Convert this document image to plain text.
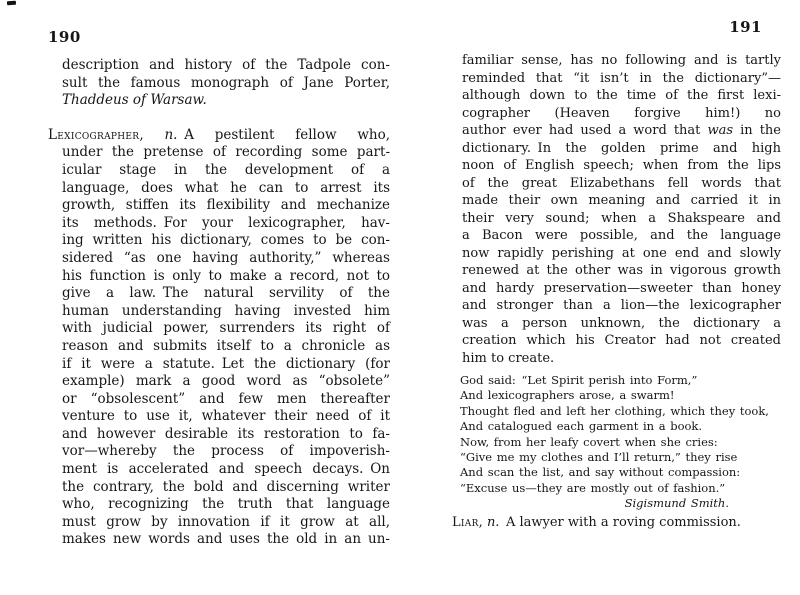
190
description and history of the Tadpole con-
sult the famous monograph of Jane Porter,
Thaddeus of Warsaw.
Lexicographer, n. A pestilent fellow who,
under the pretense of recording some part-
icular stage in the development of a
language, does what he can to arrest its
growth, stiffen its flexibility and mechanize
its methods. For your lexicographer, hav-
ing written his dictionary, comes to be con-
sidered “as one having authority,” whereas
his function is only to make a record, not to
give a law. The natural servility of the
human understanding having invested him
with judicial power, surrenders its right of
reason and submits itself to a chronicle as
if it were a statute. Let the dictionary (for
example) mark a good word as “obsolete”
or “obsolescent” and few men thereafter
venture to use it, whatever their need of it
and however desirable its restoration to fa-
vor—whereby the process of impoverish-
ment is accelerated and speech decays. On
the contrary, the bold and discerning writer
who, recognizing the truth that language
must grow by innovation if it grow at all,
makes new words and uses the old in an un-
191
familiar sense, has no following and is tartly
reminded that “it isn’t in the dictionary”—
although down to the time of the first lexi-
cographer (Heaven forgive him!) no
author ever had used a word that was in the
dictionary. In the golden prime and high
noon of English speech; when from the lips
of the great Elizabethans fell words that
made their own meaning and carried it in
their very sound; when a Shakspeare and
a Bacon were possible, and the language
now rapidly perishing at one end and slowly
renewed at the other was in vigorous growth
and hardy preservation—sweeter than honey
and stronger than a lion—the lexicographer
was a person unknown, the dictionary a
creation which his Creator had not created
him to create.
God said: “Let Spirit perish into Form,”
And lexicographers arose, a swarm!
Thought fled and left her clothing, which they took,
And catalogued each garment in a book.
Now, from her leafy covert when she cries:
“Give me my clothes and I’ll return,” they rise
And scan the list, and say without compassion:
“Excuse us—they are mostly out of fashion.”
Sigismund Smith.
Liar, n. A lawyer with a roving commission.
